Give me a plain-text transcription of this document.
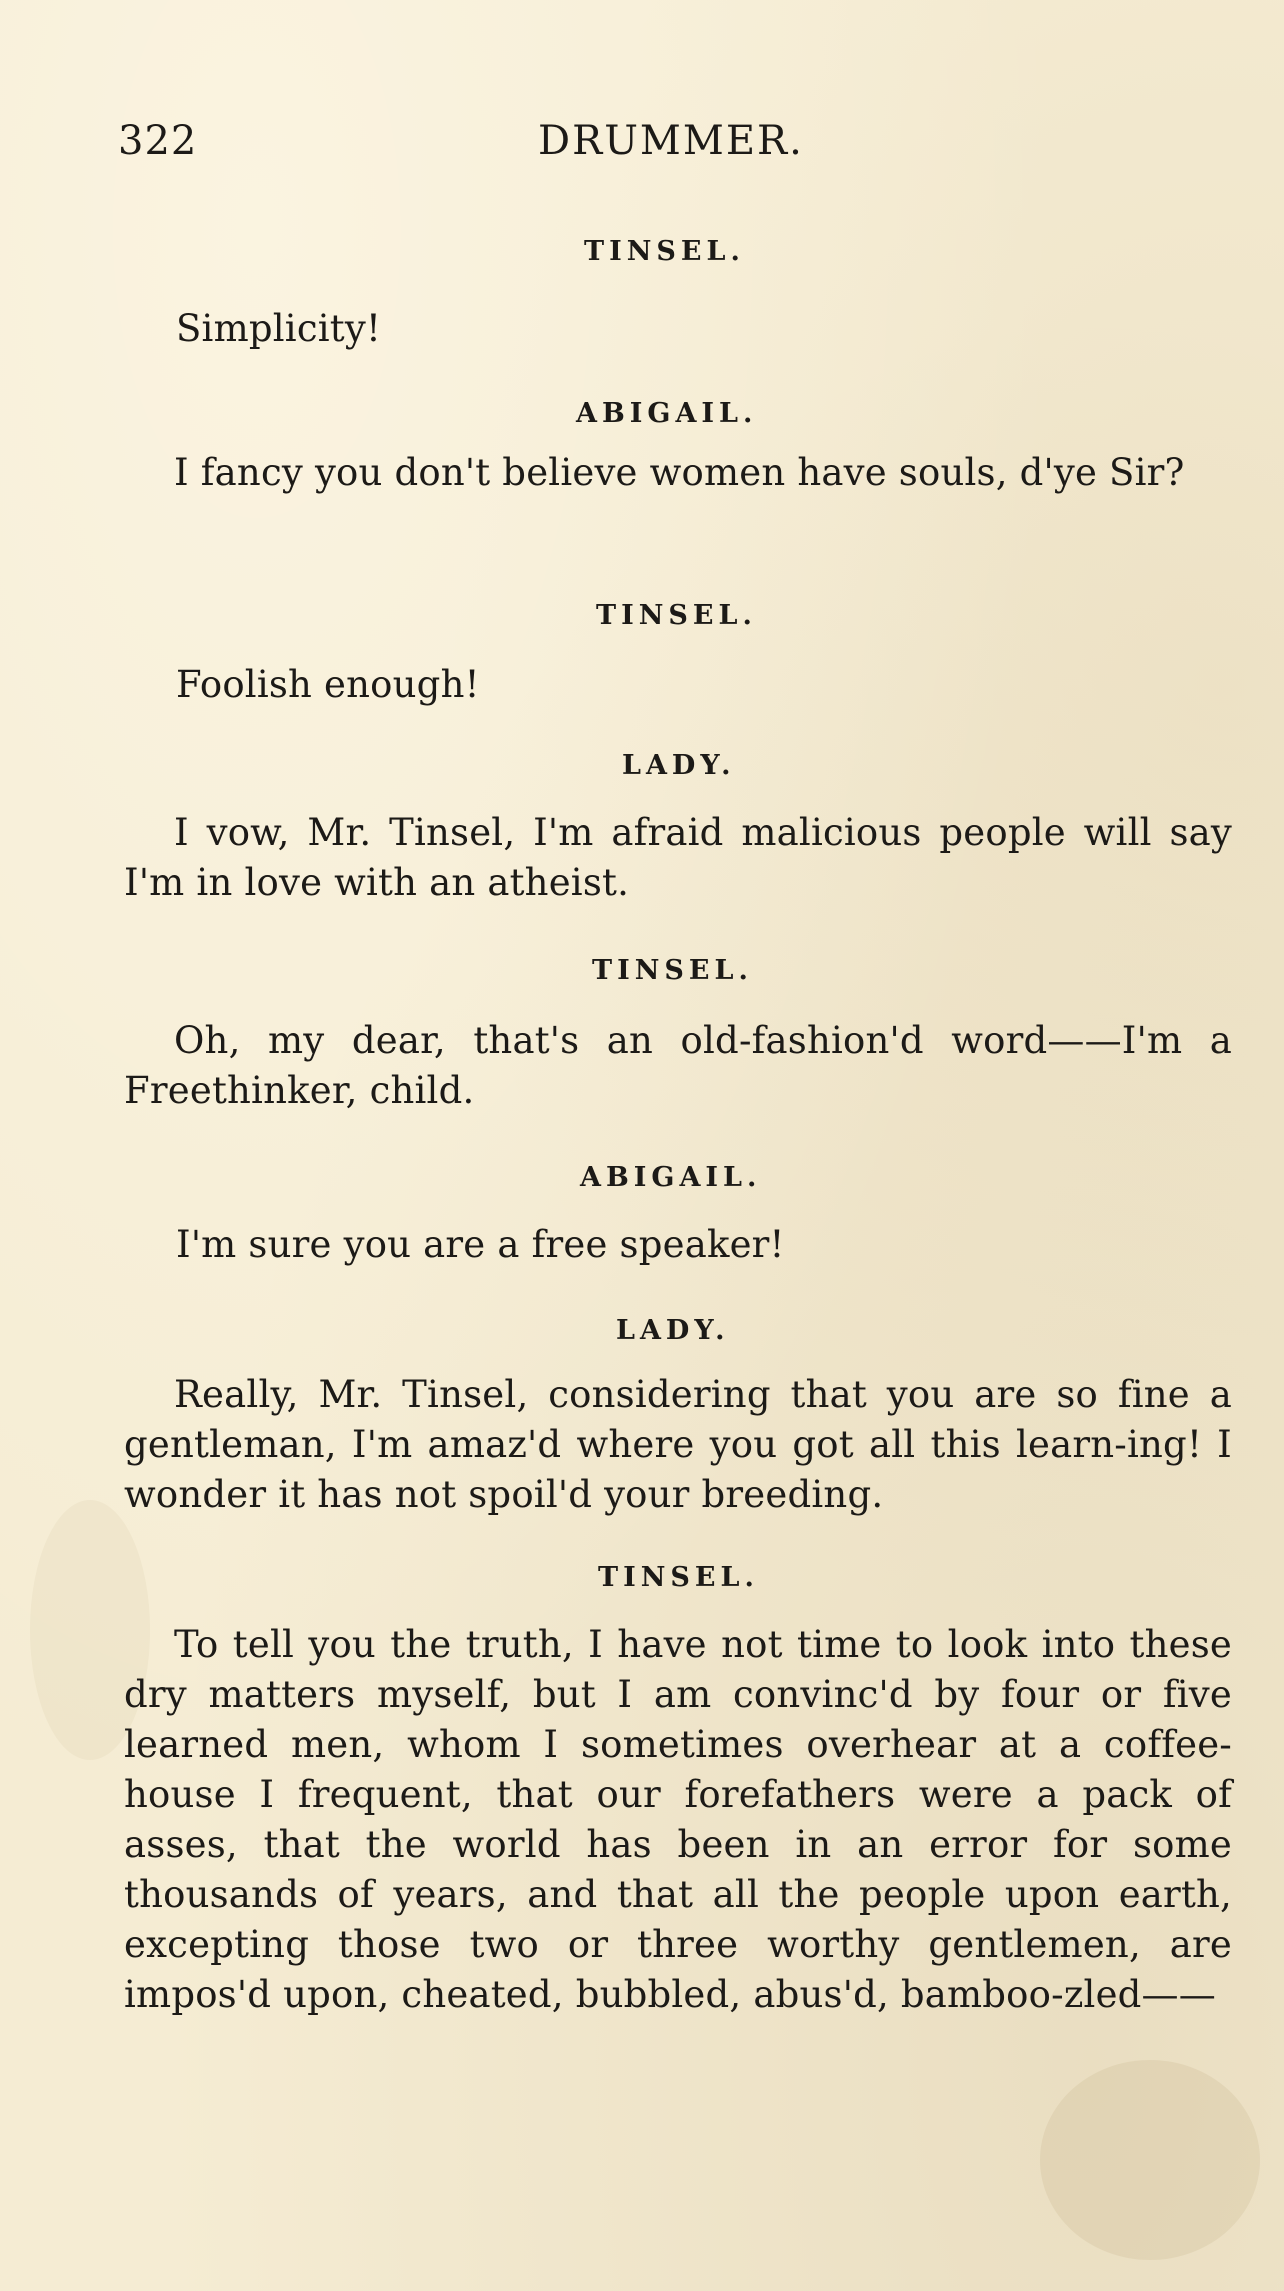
322	DRUMMER.
TINSEL.
Simplicity!
ABIGAIL.
I fancy you don't believe women have souls, d'ye Sir?
TINSEL.
Foolish enough!
LADY.
I vow, Mr. Tinsel, I'm afraid malicious people will say I'm in love with an atheist.
TINSEL.
Oh, my dear, that's an old-fashion'd word——I'm a Freethinker, child.
ABIGAIL.
I'm sure you are a free speaker!
LADY.
Really, Mr. Tinsel, considering that you are so fine a gentleman, I'm amaz'd where you got all this learn-ing! I wonder it has not spoil'd your breeding.
TINSEL.
To tell you the truth, I have not time to look into these dry matters myself, but I am convinc'd by four or five learned men, whom I sometimes overhear at a coffee-house I frequent, that our forefathers were a pack of asses, that the world has been in an error for some thousands of years, and that all the people upon earth, excepting those two or three worthy gentlemen, are impos'd upon, cheated, bubbled, abus'd, bamboo-zled——
